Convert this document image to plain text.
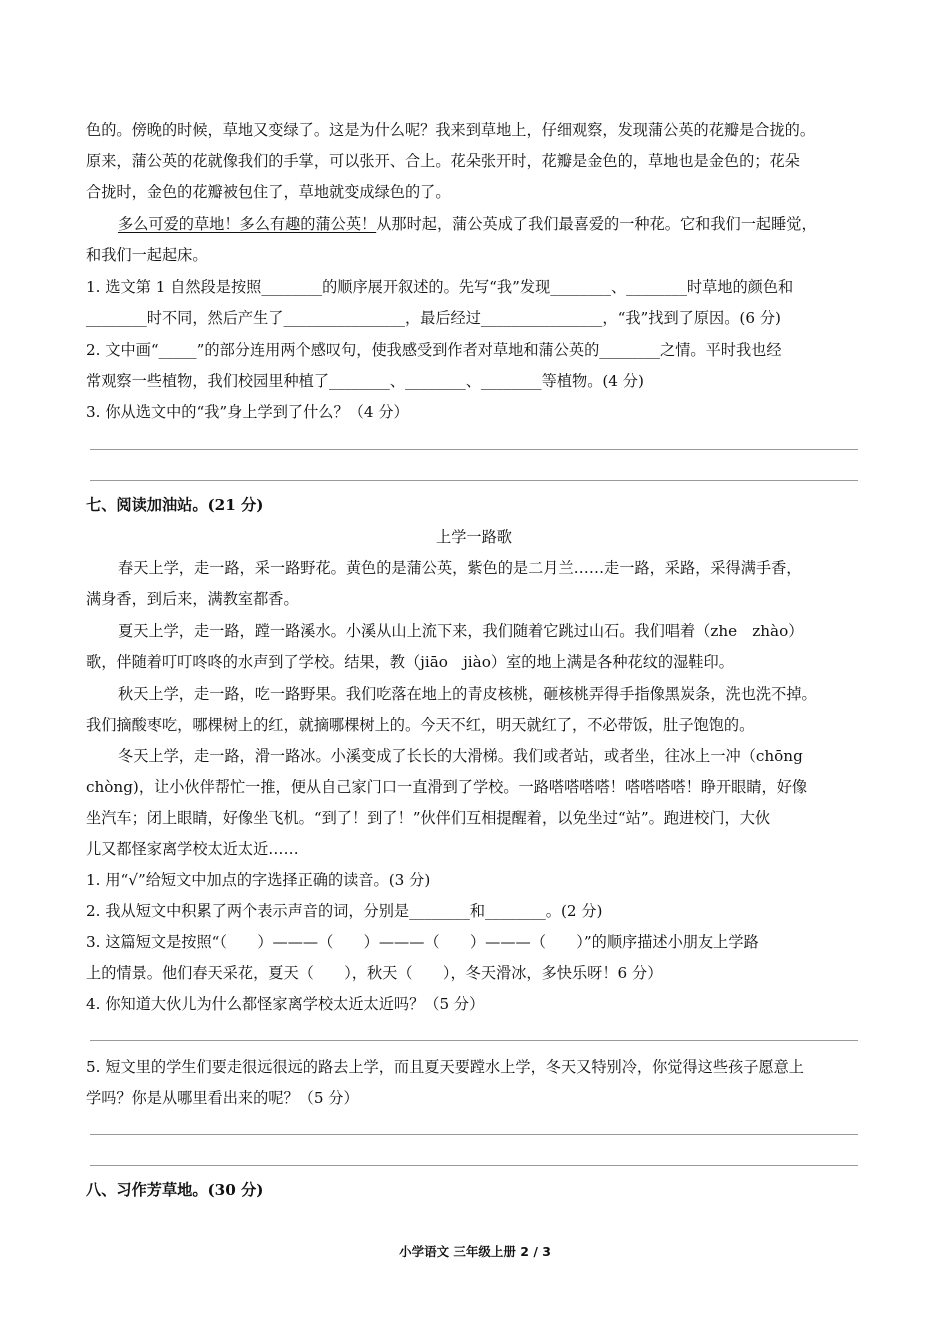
色的。傍晚的时候，草地又变绿了。这是为什么呢？我来到草地上，仔细观察，发现蒲公英的花瓣是合拢的。
原来，蒲公英的花就像我们的手掌，可以张开、合上。花朵张开时，花瓣是金色的，草地也是金色的；花朵
合拢时，金色的花瓣被包住了，草地就变成绿色的了。
多么可爱的草地！多么有趣的蒲公英！从那时起，蒲公英成了我们最喜爱的一种花。它和我们一起睡觉，
和我们一起起床。
1. 选文第 1 自然段是按照________的顺序展开叙述的。先写“我”发现________、________时草地的颜色和
________时不同，然后产生了________________，最后经过________________，“我”找到了原因。(6 分)
2. 文中画“_____”的部分连用两个感叹句，使我感受到作者对草地和蒲公英的________之情。平时我也经
常观察一些植物，我们校园里种植了________、________、________等植物。(4 分)
3. 你从选文中的“我”身上学到了什么？（4 分）
七、阅读加油站。(21 分)
上学一路歌
春天上学，走一路，采一路野花。黄色的是蒲公英，紫色的是二月兰……走一路，采路，采得满手香，
满身香，到后来，满教室都香。
夏天上学，走一路，蹚一路溪水。小溪从山上流下来，我们随着它跳过山石。我们唱着（zhe　zhào）
歌，伴随着叮叮咚咚的水声到了学校。结果，教（jiāo　jiào）室的地上满是各种花纹的湿鞋印。
秋天上学，走一路，吃一路野果。我们吃落在地上的青皮核桃，砸核桃弄得手指像黑炭条，洗也洗不掉。
我们摘酸枣吃，哪棵树上的红，就摘哪棵树上的。今天不红，明天就红了，不必带饭，肚子饱饱的。
冬天上学，走一路，滑一路冰。小溪变成了长长的大滑梯。我们或者站，或者坐，往冰上一冲（chōng
chòng)，让小伙伴帮忙一推，便从自己家门口一直滑到了学校。一路嗒嗒嗒嗒！嗒嗒嗒嗒！睁开眼睛，好像
坐汽车；闭上眼睛，好像坐飞机。“到了！到了！”伙伴们互相提醒着，以免坐过“站”。跑进校门，大伙
儿又都怪家离学校太近太近……
1. 用“√”给短文中加点的字选择正确的读音。(3 分)
2. 我从短文中积累了两个表示声音的词，分别是________和________。(2 分)
3. 这篇短文是按照“（　　）———（　　）———（　　）———（　　）”的顺序描述小朋友上学路
上的情景。他们春天采花，夏天（　　），秋天（　　），冬天滑冰，多快乐呀！6 分）
4. 你知道大伙儿为什么都怪家离学校太近太近吗？（5 分）
5. 短文里的学生们要走很远很远的路去上学，而且夏天要蹚水上学，冬天又特别冷，你觉得这些孩子愿意上
学吗？你是从哪里看出来的呢？（5 分）
八、习作芳草地。(30 分)
小学语文 三年级上册 2 / 3
